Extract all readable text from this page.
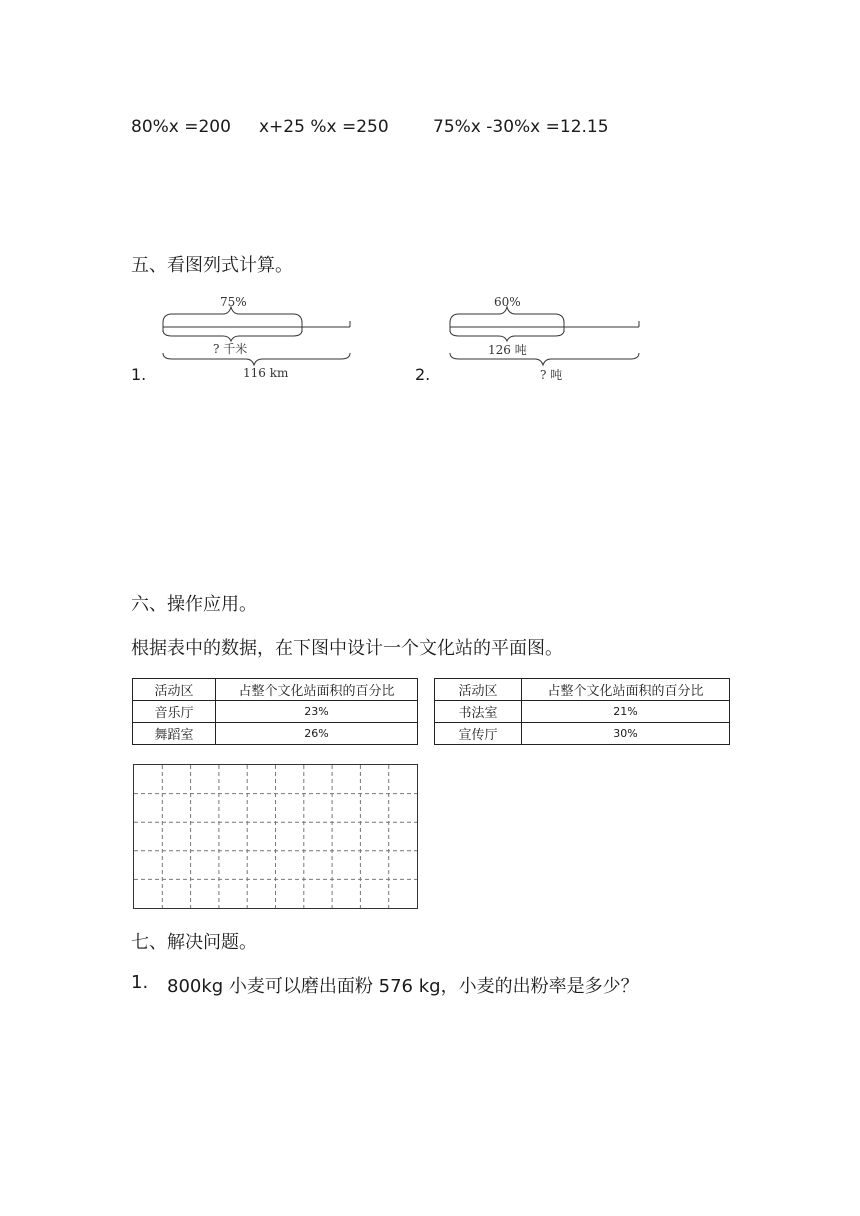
80%x =200 x+25 %x =250	75%x -30%x =12.15
五、看图列式计算。
1.
75%
? 千米
116 km	2.
60%
126 吨
? 吨
六、操作应用。
根据表中的数据，在下图中设计一个文化站的平面图。
活动区	占整个文化站面积的百分比
音乐厅	23%
舞蹈室	26%
活动区	占整个文化站面积的百分比
书法室	21%
宣传厅	30%
七、解决问题。
1. 800kg 小麦可以磨出面粉 576 kg，小麦的出粉率是多少？
